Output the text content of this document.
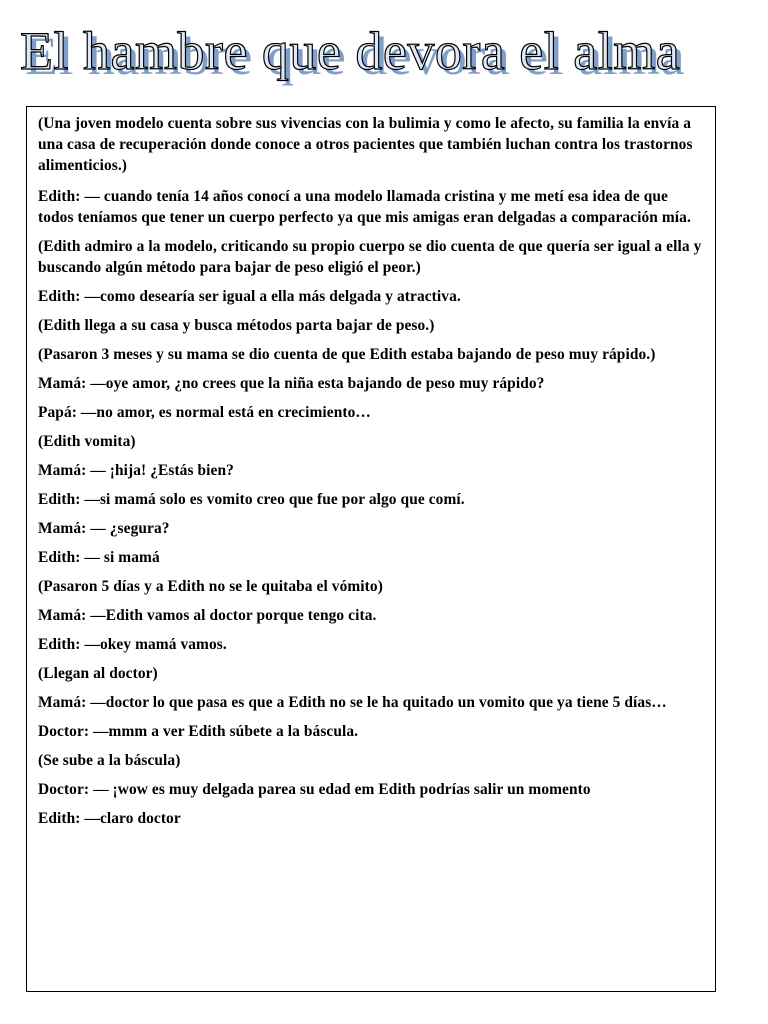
El hambre que devora el alma

(Una joven modelo cuenta sobre sus vivencias con la bulimia y como le afecto, su familia la envía a una casa de recuperación donde conoce a otros pacientes que también luchan contra los trastornos alimenticios.)

Edith: — cuando tenía 14 años conocí a una modelo llamada cristina y me metí esa idea de que todos teníamos que tener un cuerpo perfecto ya que mis amigas eran delgadas a comparación mía.

(Edith admiro a la modelo, criticando su propio cuerpo se dio cuenta de que quería ser igual a ella y buscando algún método para bajar de peso eligió el peor.)

Edith: —como desearía ser igual a ella más delgada y atractiva.

(Edith llega a su casa y busca métodos parta bajar de peso.)

(Pasaron 3 meses y su mama se dio cuenta de que Edith estaba bajando de peso muy rápido.)

Mamá: —oye amor, ¿no crees que la niña esta bajando de peso muy rápido?

Papá: —no amor, es normal está en crecimiento…

(Edith vomita)

Mamá: — ¡hija! ¿Estás bien?

Edith: —si mamá solo es vomito creo que fue por algo que comí.

Mamá: — ¿segura?

Edith: — si mamá

(Pasaron 5 días y a Edith no se le quitaba el vómito)

Mamá: —Edith vamos al doctor porque tengo cita.

Edith: —okey mamá vamos.

(Llegan al doctor)

Mamá: —doctor lo que pasa es que a Edith no se le ha quitado un vomito que ya tiene 5 días…

Doctor: —mmm a ver Edith súbete a la báscula.

(Se sube a la báscula)

Doctor: — ¡wow es muy delgada parea su edad em Edith podrías salir un momento

Edith: —claro doctor
